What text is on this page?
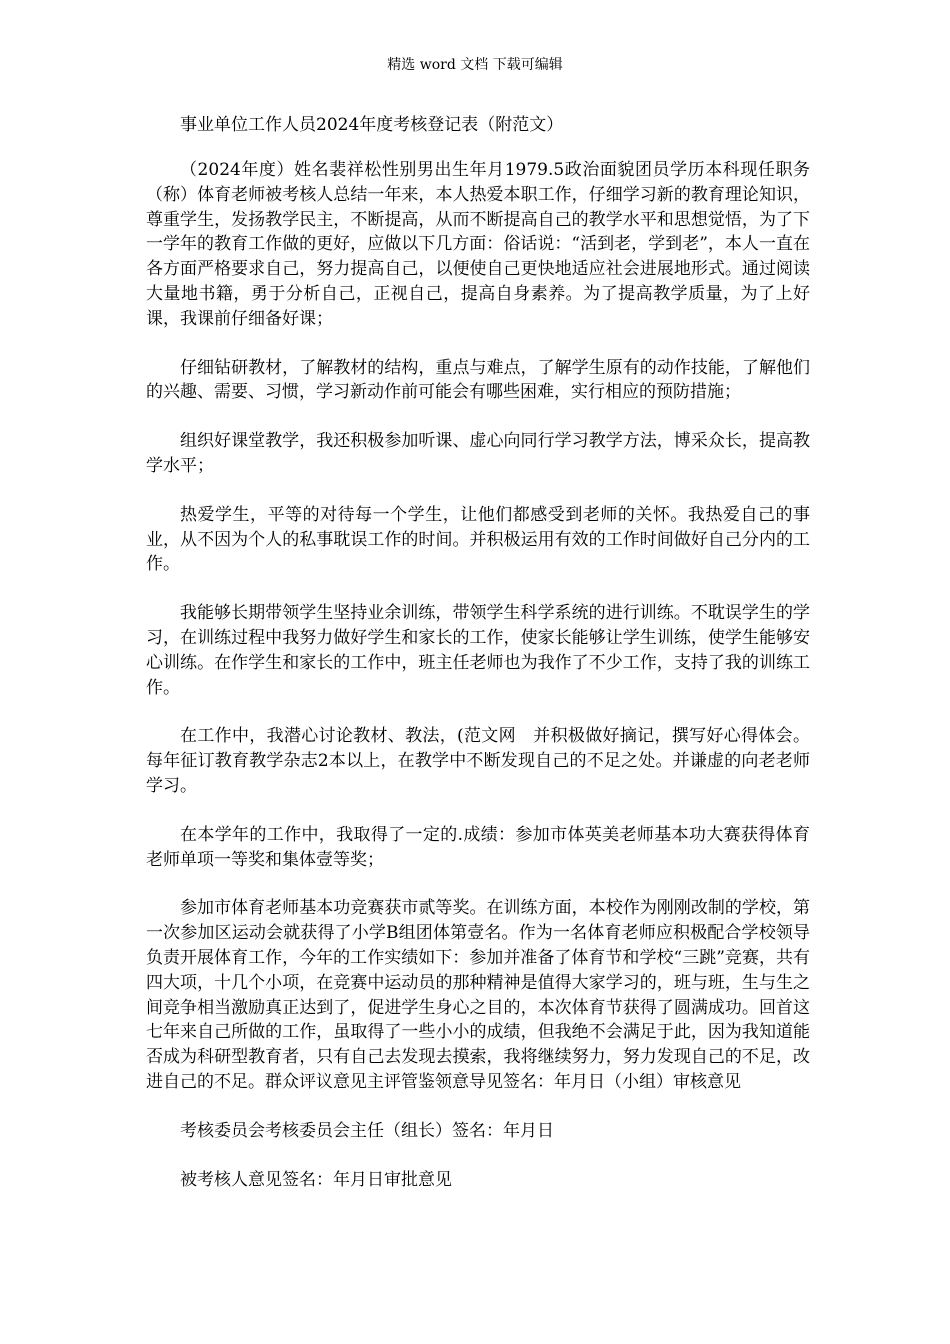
精选 word 文档 下载可编辑
事业单位工作人员2024年度考核登记表（附范文）

（2024年度）姓名裴祥松性别男出生年月1979.5政治面貌团员学历本科现任职务（称）体育老师被考核人总结一年来，本人热爱本职工作，仔细学习新的教育理论知识，尊重学生，发扬教学民主，不断提高，从而不断提高自己的教学水平和思想觉悟，为了下一学年的教育工作做的更好，应做以下几方面：俗话说：“活到老，学到老”，本人一直在各方面严格要求自己，努力提高自己，以便使自己更快地适应社会进展地形式。通过阅读大量地书籍，勇于分析自己，正视自己，提高自身素养。为了提高教学质量，为了上好课，我课前仔细备好课；

仔细钻研教材，了解教材的结构，重点与难点，了解学生原有的动作技能，了解他们的兴趣、需要、习惯，学习新动作前可能会有哪些困难，实行相应的预防措施；

组织好课堂教学，我还积极参加听课、虚心向同行学习教学方法，博采众长，提高教学水平；

热爱学生，平等的对待每一个学生，让他们都感受到老师的关怀。我热爱自己的事业，从不因为个人的私事耽误工作的时间。并积极运用有效的工作时间做好自己分内的工作。

我能够长期带领学生坚持业余训练，带领学生科学系统的进行训练。不耽误学生的学习，在训练过程中我努力做好学生和家长的工作，使家长能够让学生训练，使学生能够安心训练。在作学生和家长的工作中，班主任老师也为我作了不少工作，支持了我的训练工作。

在工作中，我潜心讨论教材、教法，(范文网　并积极做好摘记，撰写好心得体会。每年征订教育教学杂志2本以上，在教学中不断发现自己的不足之处。并谦虚的向老老师学习。

在本学年的工作中，我取得了一定的.成绩：参加市体英美老师基本功大赛获得体育老师单项一等奖和集体壹等奖；

参加市体育老师基本功竞赛获市贰等奖。在训练方面，本校作为刚刚改制的学校，第一次参加区运动会就获得了小学B组团体第壹名。作为一名体育老师应积极配合学校领导负责开展体育工作，今年的工作实绩如下：参加并准备了体育节和学校“三跳”竞赛，共有四大项，十几个小项，在竞赛中运动员的那种精神是值得大家学习的，班与班，生与生之间竞争相当激励真正达到了，促进学生身心之目的，本次体育节获得了圆满成功。回首这七年来自己所做的工作，虽取得了一些小小的成绩，但我绝不会满足于此，因为我知道能否成为科研型教育者，只有自己去发现去摸索，我将继续努力，努力发现自己的不足，改进自己的不足。群众评议意见主评管鉴领意导见签名：年月日（小组）审核意见

考核委员会考核委员会主任（组长）签名：年月日

被考核人意见签名：年月日审批意见
